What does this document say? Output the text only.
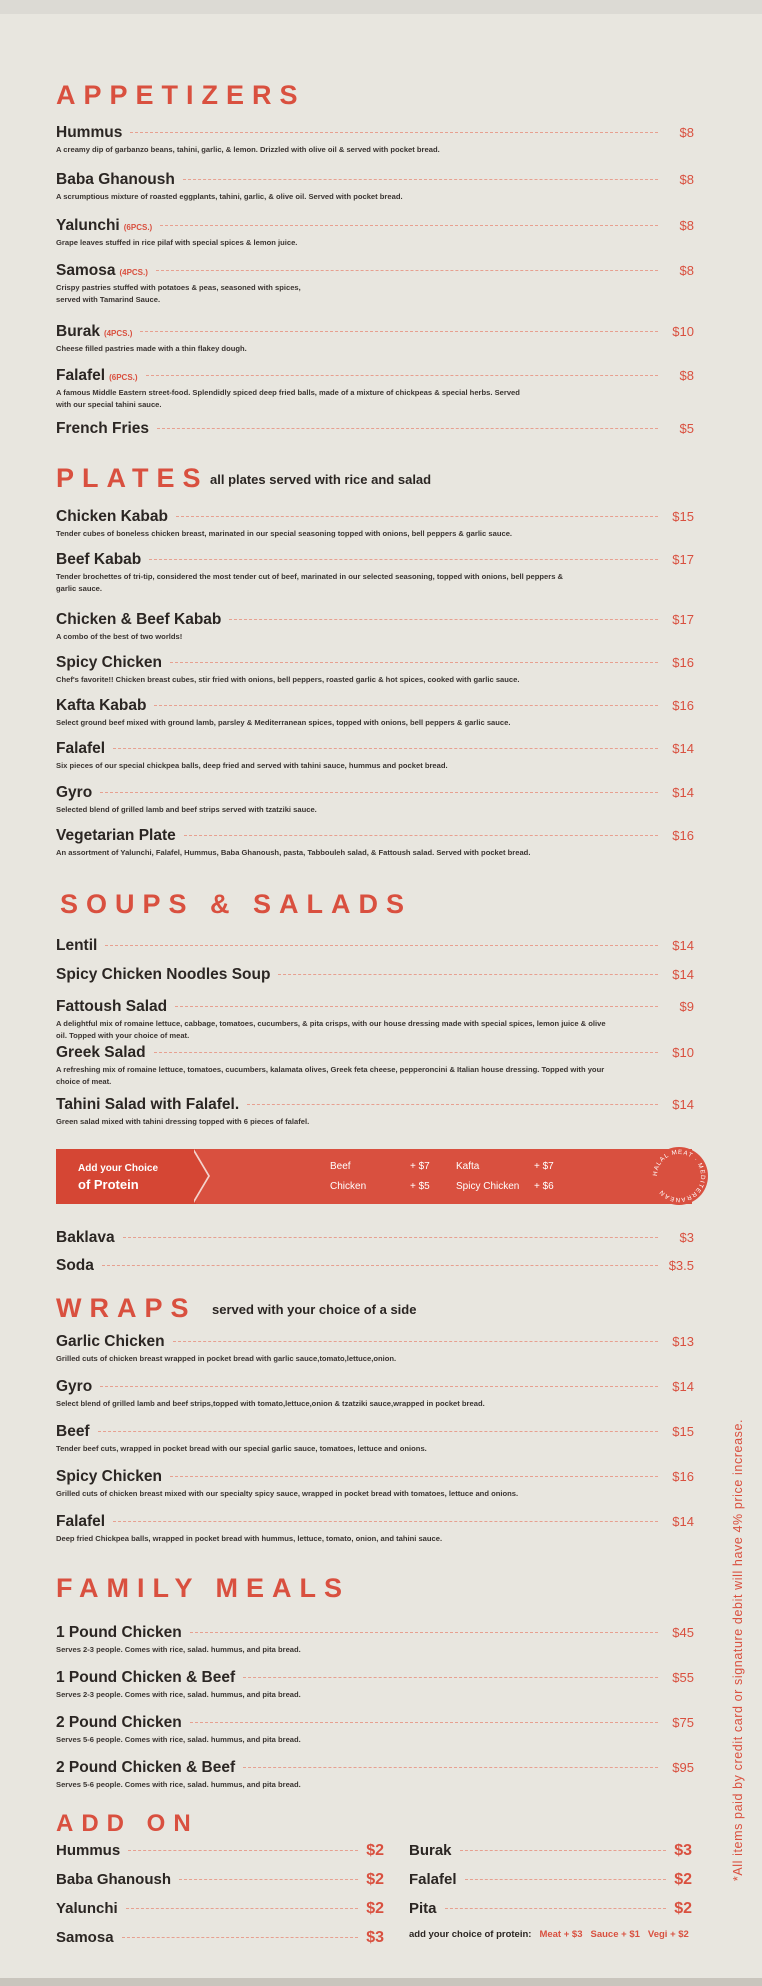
*All items paid by credit card or signature debit will have 4% price increase.
APPETIZERS
Hummus	$8
A creamy dip of garbanzo beans, tahini, garlic, & lemon. Drizzled with olive oil & served with pocket bread.
Baba Ghanoush	$8
A scrumptious mixture of roasted eggplants, tahini, garlic, & olive oil. Served with pocket bread.
Yalunchi (6PCS.)	$8
Grape leaves stuffed in rice pilaf with special spices & lemon juice.
Samosa (4PCS.)	$8
Crispy pastries stuffed with potatoes & peas, seasoned with spices, served with Tamarind Sauce.
Burak (4PCS.)	$10
Cheese filled pastries made with a thin flakey dough.
Falafel (6PCS.)	$8
A famous Middle Eastern street-food. Splendidly spiced deep fried balls, made of a mixture of chickpeas & special herbs. Served with our special tahini sauce.
French Fries	$5
PLATES all plates served with rice and salad
Chicken Kabab	$15
Tender cubes of boneless chicken breast, marinated in our special seasoning topped with onions, bell peppers & garlic sauce.
Beef Kabab	$17
Tender brochettes of tri-tip, considered the most tender cut of beef, marinated in our selected seasoning, topped with onions, bell peppers & garlic sauce.
Chicken & Beef Kabab	$17
A combo of the best of two worlds!
Spicy Chicken	$16
Chef's favorite!! Chicken breast cubes, stir fried with onions, bell peppers, roasted garlic & hot spices, cooked with garlic sauce.
Kafta Kabab	$16
Select ground beef mixed with ground lamb, parsley & Mediterranean spices, topped with onions, bell peppers & garlic sauce.
Falafel	$14
Six pieces of our special chickpea balls, deep fried and served with tahini sauce, hummus and pocket bread.
Gyro	$14
Selected blend of grilled lamb and beef strips served with tzatziki sauce.
Vegetarian Plate	$16
An assortment of Yalunchi, Falafel, Hummus, Baba Ghanoush, pasta, Tabbouleh salad, & Fattoush salad. Served with pocket bread.
SOUPS & SALADS
Lentil	$14
Spicy Chicken Noodles Soup	$14
Fattoush Salad	$9
A delightful mix of romaine lettuce, cabbage, tomatoes, cucumbers, & pita crisps, with our house dressing made with special spices, lemon juice & olive oil. Topped with your choice of meat.
Greek Salad	$10
A refreshing mix of romaine lettuce, tomatoes, cucumbers, kalamata olives, Greek feta cheese, pepperoncini & Italian house dressing. Topped with your choice of meat.
Tahini Salad with Falafel.	$14
Green salad mixed with tahini dressing topped with 6 pieces of falafel.
Add your Choice
of Protein
Beef	+ $7
Chicken	+ $5
Kafta	+ $7
Spicy Chicken + $6
HALAL MEAT · MEDITERRANEAN
Baklava	$3
Soda	$3.5
WRAPS served with your choice of a side
Garlic Chicken	$13
Grilled cuts of chicken breast wrapped in pocket bread with garlic sauce,tomato,lettuce,onion.
Gyro	$14
Select blend of grilled lamb and beef strips,topped with tomato,lettuce,onion & tzatziki sauce,wrapped in pocket bread.
Beef	$15
Tender beef cuts, wrapped in pocket bread with our special garlic sauce, tomatoes, lettuce and onions.
Spicy Chicken	$16
Grilled cuts of chicken breast mixed with our specialty spicy sauce, wrapped in pocket bread with tomatoes, lettuce and onions.
Falafel	$14
Deep fried Chickpea balls, wrapped in pocket bread with hummus, lettuce, tomato, onion, and tahini sauce.
FAMILY MEALS
1 Pound Chicken	$45
Serves 2-3 people. Comes with rice, salad. hummus, and pita bread.
1 Pound Chicken & Beef	$55
Serves 2-3 people. Comes with rice, salad. hummus, and pita bread.
2 Pound Chicken	$75
Serves 5-6 people. Comes with rice, salad. hummus, and pita bread.
2 Pound Chicken & Beef	$95
Serves 5-6 people. Comes with rice, salad. hummus, and pita bread.
ADD ON
Hummus	$2
Baba Ghanoush	$2
Yalunchi	$2
Samosa	$3
Burak	$3
Falafel	$2
Pita	$2
add your choice of protein: Meat + $3 Sauce + $1 Vegi + $2
